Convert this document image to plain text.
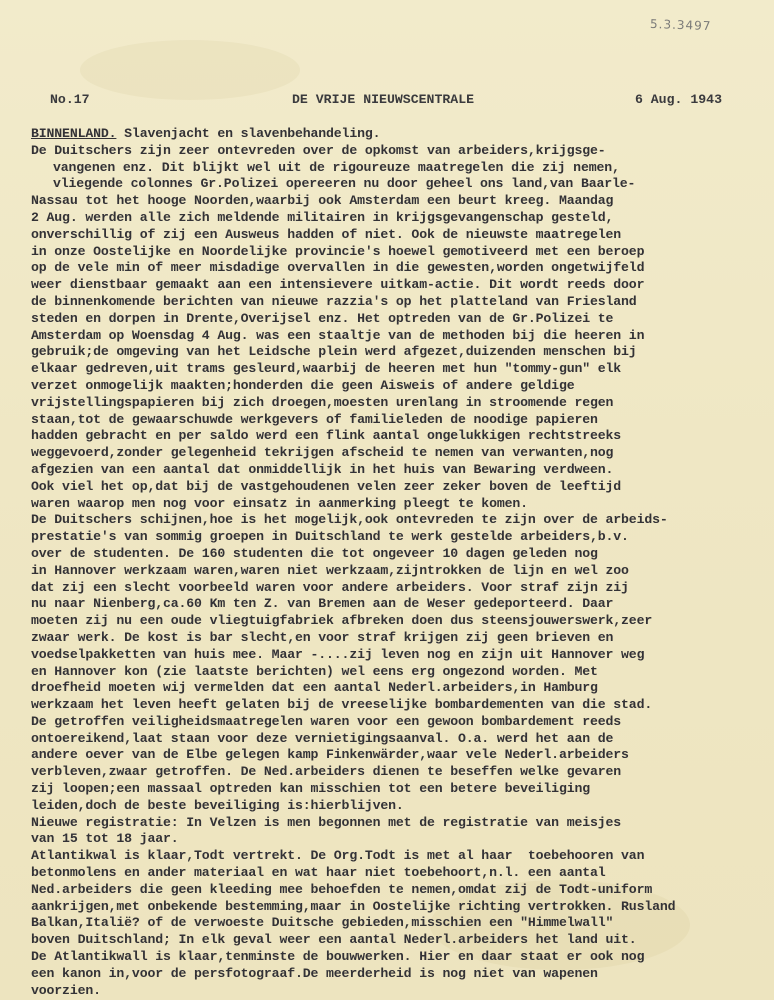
5.3.3497
No.17	DE VRIJE NIEUWSCENTRALE	6 Aug. 1943
BINNENLAND. Slavenjacht en slavenbehandeling.
De Duitschers zijn zeer ontevreden over de opkomst van arbeiders,krijgsge-
vangenen enz. Dit blijkt wel uit de rigoureuze maatregelen die zij nemen,
vliegende colonnes Gr.Polizei opereeren nu door geheel ons land,van Baarle-
Nassau tot het hooge Noorden,waarbij ook Amsterdam een beurt kreeg. Maandag
2 Aug. werden alle zich meldende militairen in krijgsgevangenschap gesteld,
onverschillig of zij een Ausweus hadden of niet. Ook de nieuwste maatregelen
in onze Oostelijke en Noordelijke provincie's hoewel gemotiveerd met een beroep
op de vele min of meer misdadige overvallen in die gewesten,worden ongetwijfeld
weer dienstbaar gemaakt aan een intensievere uitkam-actie. Dit wordt reeds door
de binnenkomende berichten van nieuwe razzia's op het platteland van Friesland
steden en dorpen in Drente,Overijsel enz. Het optreden van de Gr.Polizei te
Amsterdam op Woensdag 4 Aug. was een staaltje van de methoden bij die heeren in
gebruik;de omgeving van het Leidsche plein werd afgezet,duizenden menschen bij
elkaar gedreven,uit trams gesleurd,waarbij de heeren met hun "tommy-gun" elk
verzet onmogelijk maakten;honderden die geen Aisweis of andere geldige
vrijstellingspapieren bij zich droegen,moesten urenlang in stroomende regen
staan,tot de gewaarschuwde werkgevers of familieleden de noodige papieren
hadden gebracht en per saldo werd een flink aantal ongelukkigen rechtstreeks
weggevoerd,zonder gelegenheid tekrijgen afscheid te nemen van verwanten,nog
afgezien van een aantal dat onmiddellijk in het huis van Bewaring verdween.
Ook viel het op,dat bij de vastgehoudenen velen zeer zeker boven de leeftijd
waren waarop men nog voor einsatz in aanmerking pleegt te komen.
De Duitschers schijnen,hoe is het mogelijk,ook ontevreden te zijn over de arbeids-
prestatie's van sommig groepen in Duitschland te werk gestelde arbeiders,b.v.
over de studenten. De 160 studenten die tot ongeveer 10 dagen geleden nog
in Hannover werkzaam waren,waren niet werkzaam,zijntrokken de lijn en wel zoo
dat zij een slecht voorbeeld waren voor andere arbeiders. Voor straf zijn zij
nu naar Nienberg,ca.60 Km ten Z. van Bremen aan de Weser gedeporteerd. Daar
moeten zij nu een oude vliegtuigfabriek afbreken doen dus steensjouwerswerk,zeer
zwaar werk. De kost is bar slecht,en voor straf krijgen zij geen brieven en
voedselpakketten van huis mee. Maar -....zij leven nog en zijn uit Hannover weg
en Hannover kon (zie laatste berichten) wel eens erg ongezond worden. Met
droefheid moeten wij vermelden dat een aantal Nederl.arbeiders,in Hamburg
werkzaam het leven heeft gelaten bij de vreeselijke bombardementen van die stad.
De getroffen veiligheidsmaatregelen waren voor een gewoon bombardement reeds
ontoereikend,laat staan voor deze vernietigingsaanval. O.a. werd het aan de
andere oever van de Elbe gelegen kamp Finkenwärder,waar vele Nederl.arbeiders
verbleven,zwaar getroffen. De Ned.arbeiders dienen te beseffen welke gevaren
zij loopen;een massaal optreden kan misschien tot een betere beveiliging
leiden,doch de beste beveiliging is:hierblijven.
Nieuwe registratie: In Velzen is men begonnen met de registratie van meisjes
van 15 tot 18 jaar.
Atlantikwal is klaar,Todt vertrekt. De Org.Todt is met al haar  toebehooren van
betonmolens en ander materiaal en wat haar niet toebehoort,n.l. een aantal
Ned.arbeiders die geen kleeding mee behoefden te nemen,omdat zij de Todt-uniform
aankrijgen,met onbekende bestemming,maar in Oostelijke richting vertrokken. Rusland
Balkan,Italië? of de verwoeste Duitsche gebieden,misschien een "Himmelwall"
boven Duitschland; In elk geval weer een aantal Nederl.arbeiders het land uit.
De Atlantikwall is klaar,tenminste de bouwwerken. Hier en daar staat er ook nog
een kanon in,voor de persfotograaf.De meerderheid is nog niet van wapenen
voorzien.
